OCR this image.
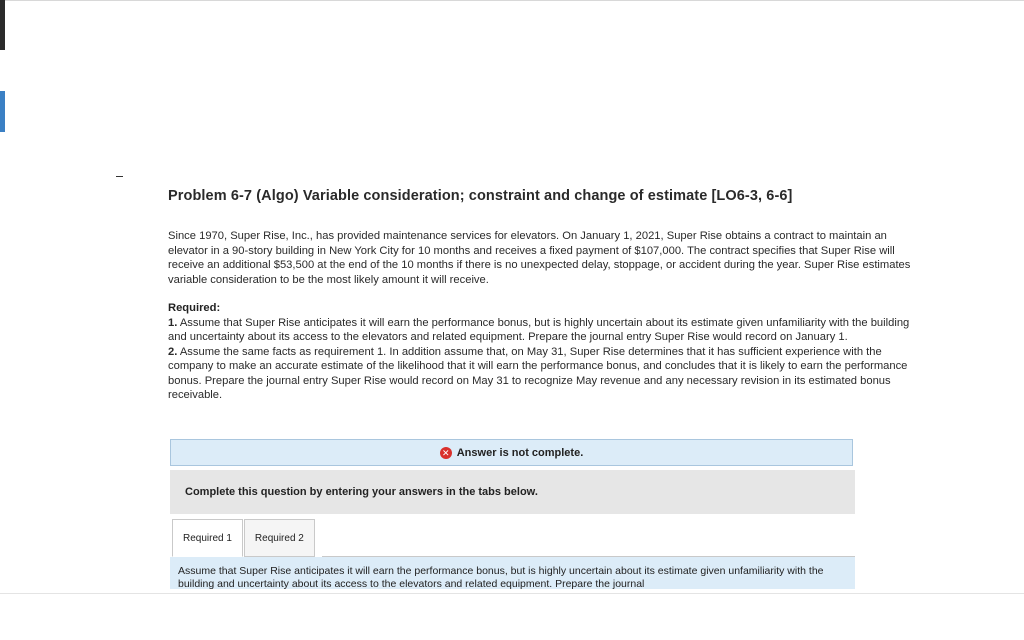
Problem 6-7 (Algo) Variable consideration; constraint and change of estimate [LO6-3, 6-6]
Since 1970, Super Rise, Inc., has provided maintenance services for elevators. On January 1, 2021, Super Rise obtains a contract to maintain an elevator in a 90-story building in New York City for 10 months and receives a fixed payment of $107,000. The contract specifies that Super Rise will receive an additional $53,500 at the end of the 10 months if there is no unexpected delay, stoppage, or accident during the year. Super Rise estimates variable consideration to be the most likely amount it will receive.
Required:
1. Assume that Super Rise anticipates it will earn the performance bonus, but is highly uncertain about its estimate given unfamiliarity with the building and uncertainty about its access to the elevators and related equipment. Prepare the journal entry Super Rise would record on January 1.
2. Assume the same facts as requirement 1. In addition assume that, on May 31, Super Rise determines that it has sufficient experience with the company to make an accurate estimate of the likelihood that it will earn the performance bonus, and concludes that it is likely to earn the performance bonus. Prepare the journal entry Super Rise would record on May 31 to recognize May revenue and any necessary revision in its estimated bonus receivable.
✕ Answer is not complete.
Complete this question by entering your answers in the tabs below.
Required 1	Required 2
Assume that Super Rise anticipates it will earn the performance bonus, but is highly uncertain about its estimate given unfamiliarity with the building and uncertainty about its access to the elevators and related equipment. Prepare the journal
